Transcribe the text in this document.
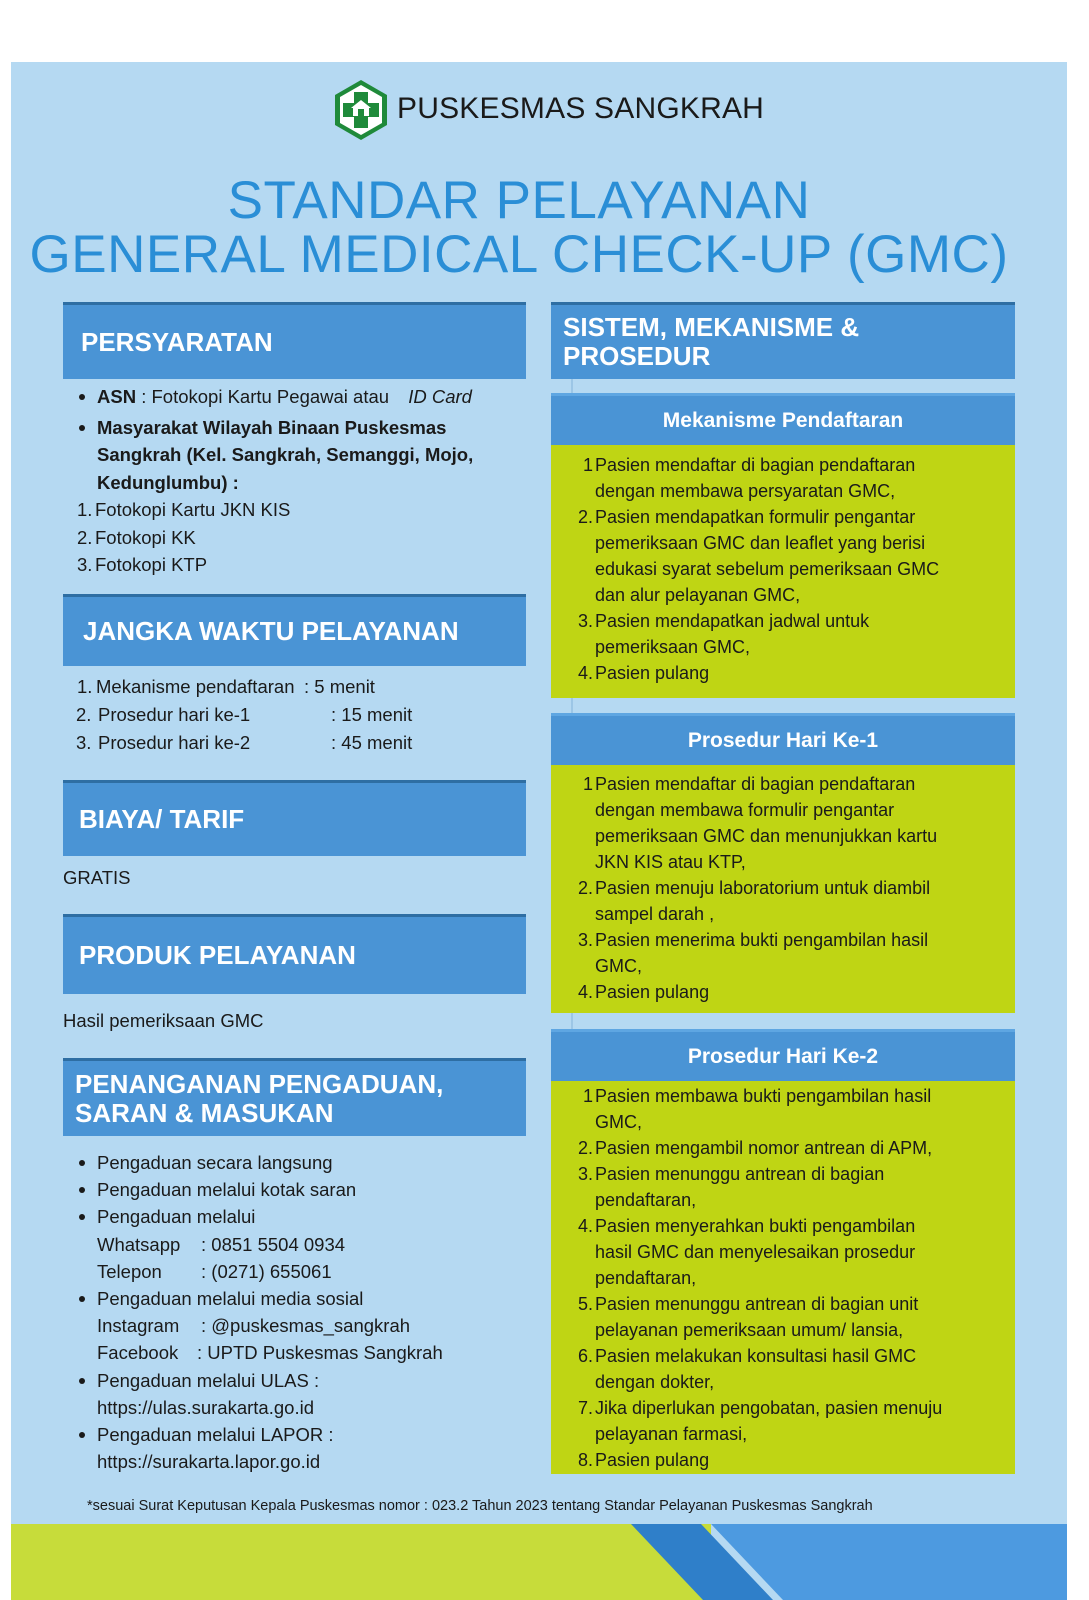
PUSKESMAS SANGKRAH
STANDAR PELAYANAN
GENERAL MEDICAL CHECK-UP (GMC)
PERSYARATAN
ASN : Fotokopi Kartu Pegawai atau ID Card
Masyarakat Wilayah Binaan Puskesmas
Sangkrah (Kel. Sangkrah, Semanggi, Mojo,
Kedunglumbu) :
1. Fotokopi Kartu JKN KIS
2. Fotokopi KK
3. Fotokopi KTP
JANGKA WAKTU PELAYANAN
1. Mekanisme pendaftaran : 5 menit
2. Prosedur hari ke-1	: 15 menit
3. Prosedur hari ke-2	: 45 menit
BIAYA/ TARIF
GRATIS
PRODUK PELAYANAN
Hasil pemeriksaan GMC
PENANGANAN PENGADUAN,
SARAN & MASUKAN
Pengaduan secara langsung
Pengaduan melalui kotak saran
Pengaduan melalui
Whatsapp : 0851 5504 0934
Telepon : (0271) 655061
Pengaduan melalui media sosial
Instagram : @puskesmas_sangkrah
Facebook : UPTD Puskesmas Sangkrah
Pengaduan melalui ULAS :
https://ulas.surakarta.go.id
Pengaduan melalui LAPOR :
https://surakarta.lapor.go.id
SISTEM, MEKANISME &
PROSEDUR
Mekanisme Pendaftaran
1 Pasien mendaftar di bagian pendaftaran
dengan membawa persyaratan GMC,
2. Pasien mendapatkan formulir pengantar
pemeriksaan GMC dan leaflet yang berisi
edukasi syarat sebelum pemeriksaan GMC
dan alur pelayanan GMC,
3. Pasien mendapatkan jadwal untuk
pemeriksaan GMC,
4. Pasien pulang
Prosedur Hari Ke-1
1 Pasien mendaftar di bagian pendaftaran
dengan membawa formulir pengantar
pemeriksaan GMC dan menunjukkan kartu
JKN KIS atau KTP,
2. Pasien menuju laboratorium untuk diambil
sampel darah ,
3. Pasien menerima bukti pengambilan hasil
GMC,
4. Pasien pulang
Prosedur Hari Ke-2
1 Pasien membawa bukti pengambilan hasil
GMC,
2. Pasien mengambil nomor antrean di APM,
3. Pasien menunggu antrean di bagian
pendaftaran,
4. Pasien menyerahkan bukti pengambilan
hasil GMC dan menyelesaikan prosedur
pendaftaran,
5. Pasien menunggu antrean di bagian unit
pelayanan pemeriksaan umum/ lansia,
6. Pasien melakukan konsultasi hasil GMC
dengan dokter,
7. Jika diperlukan pengobatan, pasien menuju
pelayanan farmasi,
8. Pasien pulang
*sesuai Surat Keputusan Kepala Puskesmas nomor : 023.2 Tahun 2023 tentang Standar Pelayanan Puskesmas Sangkrah
